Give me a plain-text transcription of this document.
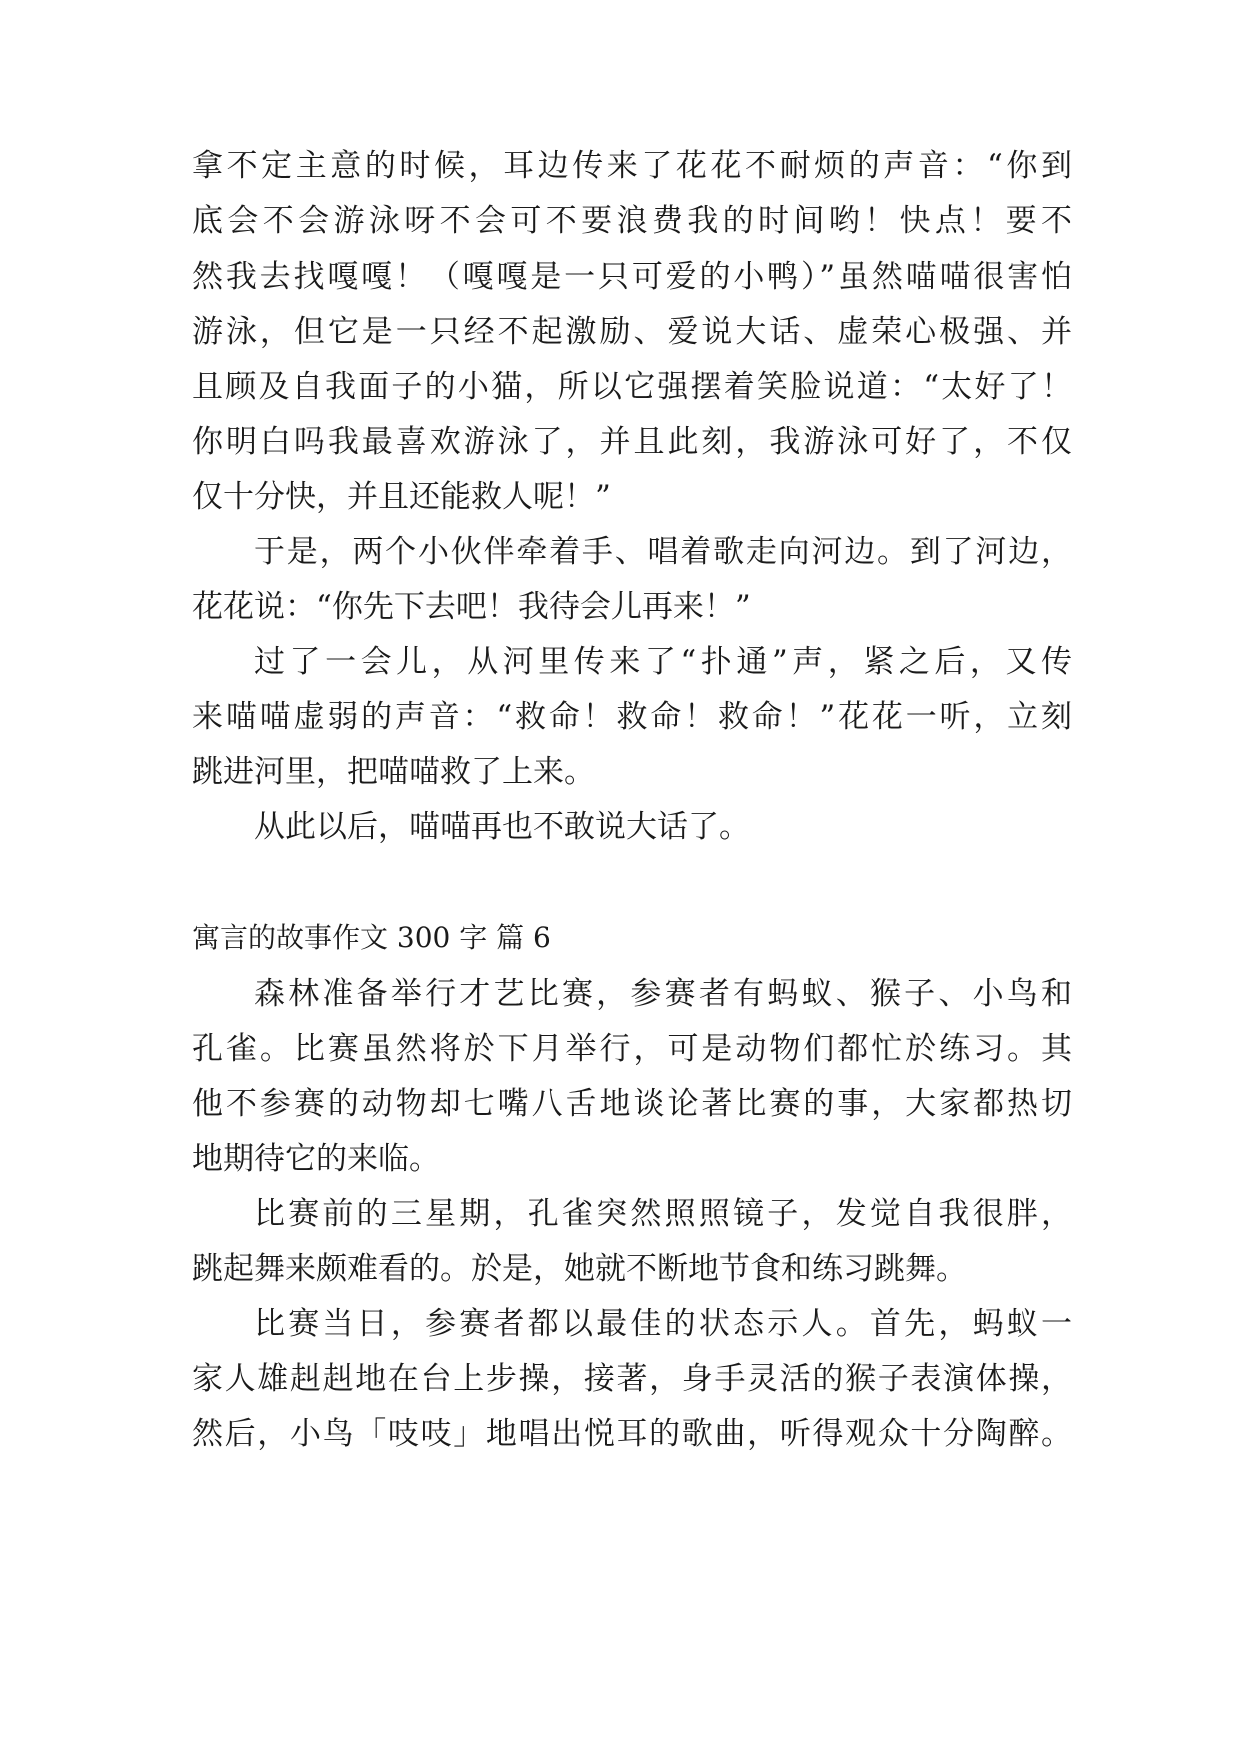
拿不定主意的时候，耳边传来了花花不耐烦的声音：“你到
底会不会游泳呀不会可不要浪费我的时间哟！快点！要不
然我去找嘎嘎！（嘎嘎是一只可爱的小鸭）”虽然喵喵很害怕
游泳，但它是一只经不起激励、爱说大话、虚荣心极强、并
且顾及自我面子的小猫，所以它强摆着笑脸说道：“太好了！
你明白吗我最喜欢游泳了，并且此刻，我游泳可好了，不仅
仅十分快，并且还能救人呢！”
于是，两个小伙伴牵着手、唱着歌走向河边。到了河边，
花花说：“你先下去吧！我待会儿再来！”
过了一会儿，从河里传来了“扑通”声，紧之后，又传
来喵喵虚弱的声音：“救命！救命！救命！”花花一听，立刻
跳进河里，把喵喵救了上来。
从此以后，喵喵再也不敢说大话了。
寓言的故事作文 300 字 篇 6
森林准备举行才艺比赛，参赛者有蚂蚁、猴子、小鸟和
孔雀。比赛虽然将於下月举行，可是动物们都忙於练习。其
他不参赛的动物却七嘴八舌地谈论著比赛的事，大家都热切
地期待它的来临。
比赛前的三星期，孔雀突然照照镜子，发觉自我很胖，
跳起舞来颇难看的。於是，她就不断地节食和练习跳舞。
比赛当日，参赛者都以最佳的状态示人。首先，蚂蚁一
家人雄赳赳地在台上步操，接著，身手灵活的猴子表演体操，
然后，小鸟「吱吱」地唱出悦耳的歌曲，听得观众十分陶醉。
